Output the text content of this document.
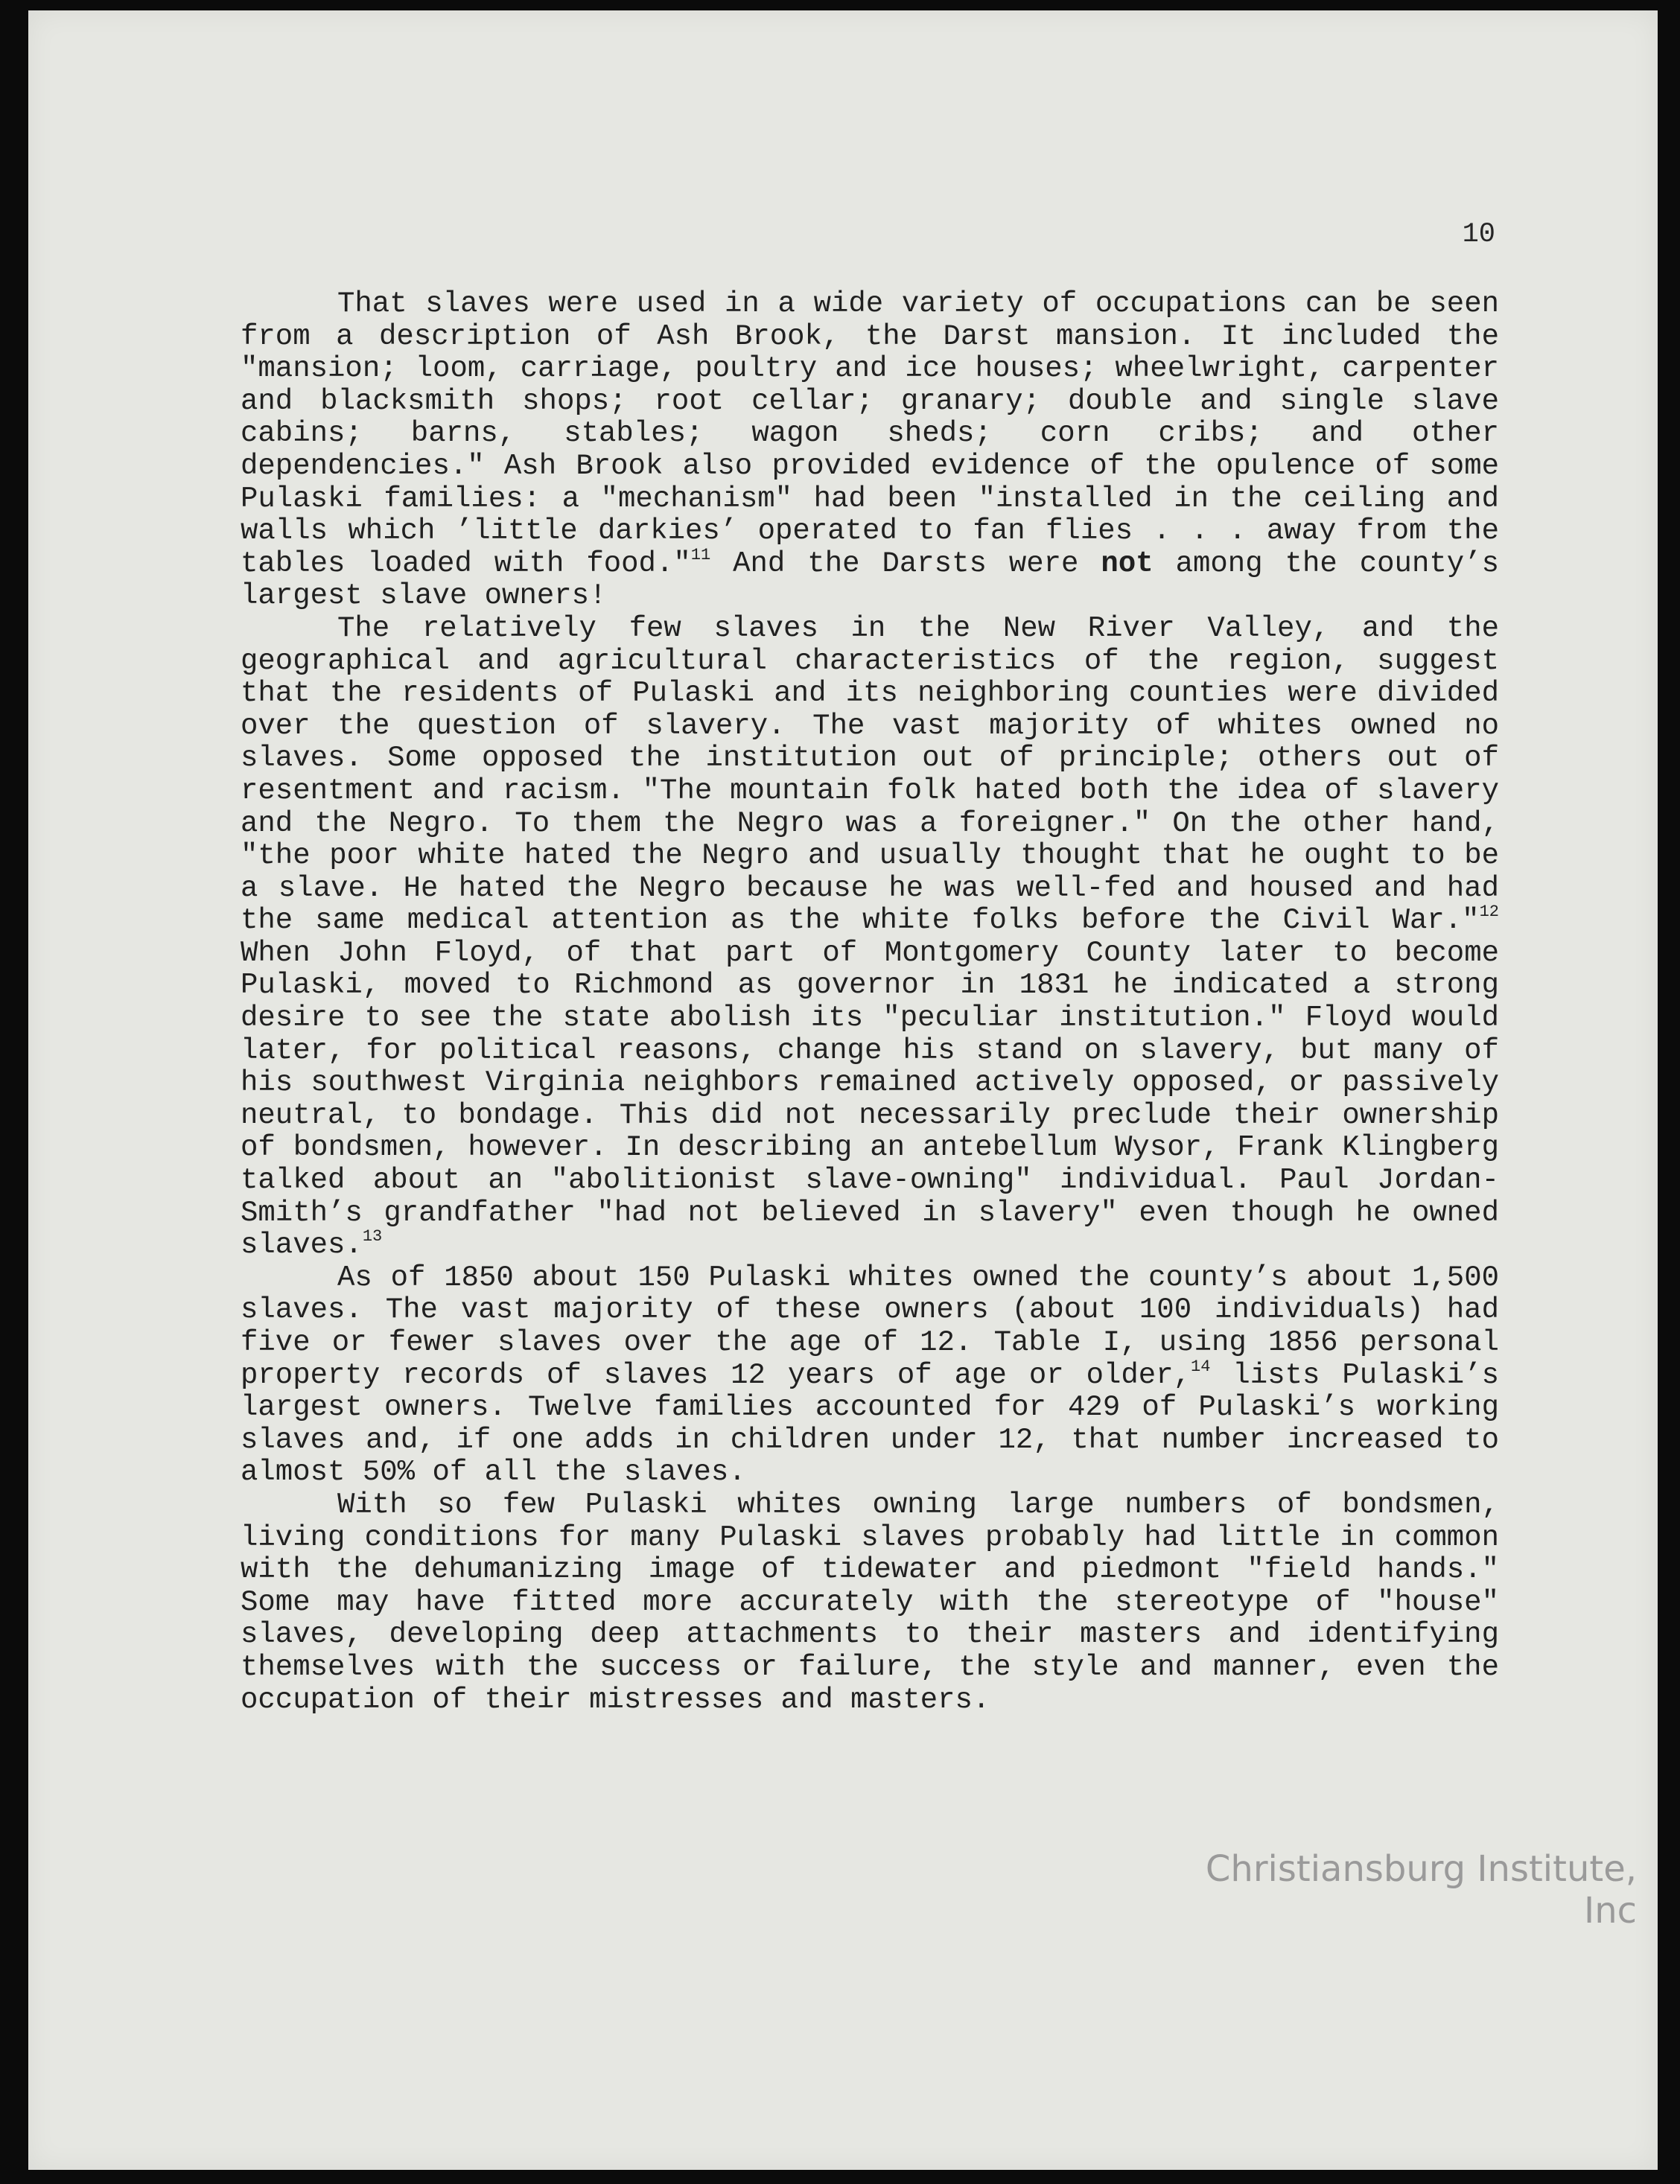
10

That slaves were used in a wide variety of occupations can be seen from a description of Ash Brook, the Darst mansion. It included the "mansion; loom, carriage, poultry and ice houses; wheelwright, carpenter and blacksmith shops; root cellar; granary; double and single slave cabins; barns, stables; wagon sheds; corn cribs; and other dependencies." Ash Brook also provided evidence of the opulence of some Pulaski families: a "mechanism" had been "installed in the ceiling and walls which ’little darkies’ operated to fan flies . . . away from the tables loaded with food."$^{11}$ And the Darsts were not among the county’s largest slave owners!

The relatively few slaves in the New River Valley, and the geographical and agricultural characteristics of the region, suggest that the residents of Pulaski and its neighboring counties were divided over the question of slavery. The vast majority of whites owned no slaves. Some opposed the institution out of principle; others out of resentment and racism. "The mountain folk hated both the idea of slavery and the Negro. To them the Negro was a foreigner." On the other hand, "the poor white hated the Negro and usually thought that he ought to be a slave. He hated the Negro because he was well-fed and housed and had the same medical attention as the white folks before the Civil War."$^{12}$ When John Floyd, of that part of Montgomery County later to become Pulaski, moved to Richmond as governor in 1831 he indicated a strong desire to see the state abolish its "peculiar institution." Floyd would later, for political reasons, change his stand on slavery, but many of his southwest Virginia neighbors remained actively opposed, or passively neutral, to bondage. This did not necessarily preclude their ownership of bondsmen, however. In describing an antebellum Wysor, Frank Klingberg talked about an "abolitionist slave-owning" individual. Paul Jordan-Smith’s grandfather "had not believed in slavery" even though he owned slaves.$^{13}$

As of 1850 about 150 Pulaski whites owned the county’s about 1,500 slaves. The vast majority of these owners (about 100 individuals) had five or fewer slaves over the age of 12. Table I, using 1856 personal property records of slaves 12 years of age or older,$^{14}$ lists Pulaski’s largest owners. Twelve families accounted for 429 of Pulaski’s working slaves and, if one adds in children under 12, that number increased to almost 50% of all the slaves.

With so few Pulaski whites owning large numbers of bondsmen, living conditions for many Pulaski slaves probably had little in common with the dehumanizing image of tidewater and piedmont "field hands." Some may have fitted more accurately with the stereotype of "house" slaves, developing deep attachments to their masters and identifying themselves with the success or failure, the style and manner, even the occupation of their mistresses and masters.

Christiansburg Institute, Inc
